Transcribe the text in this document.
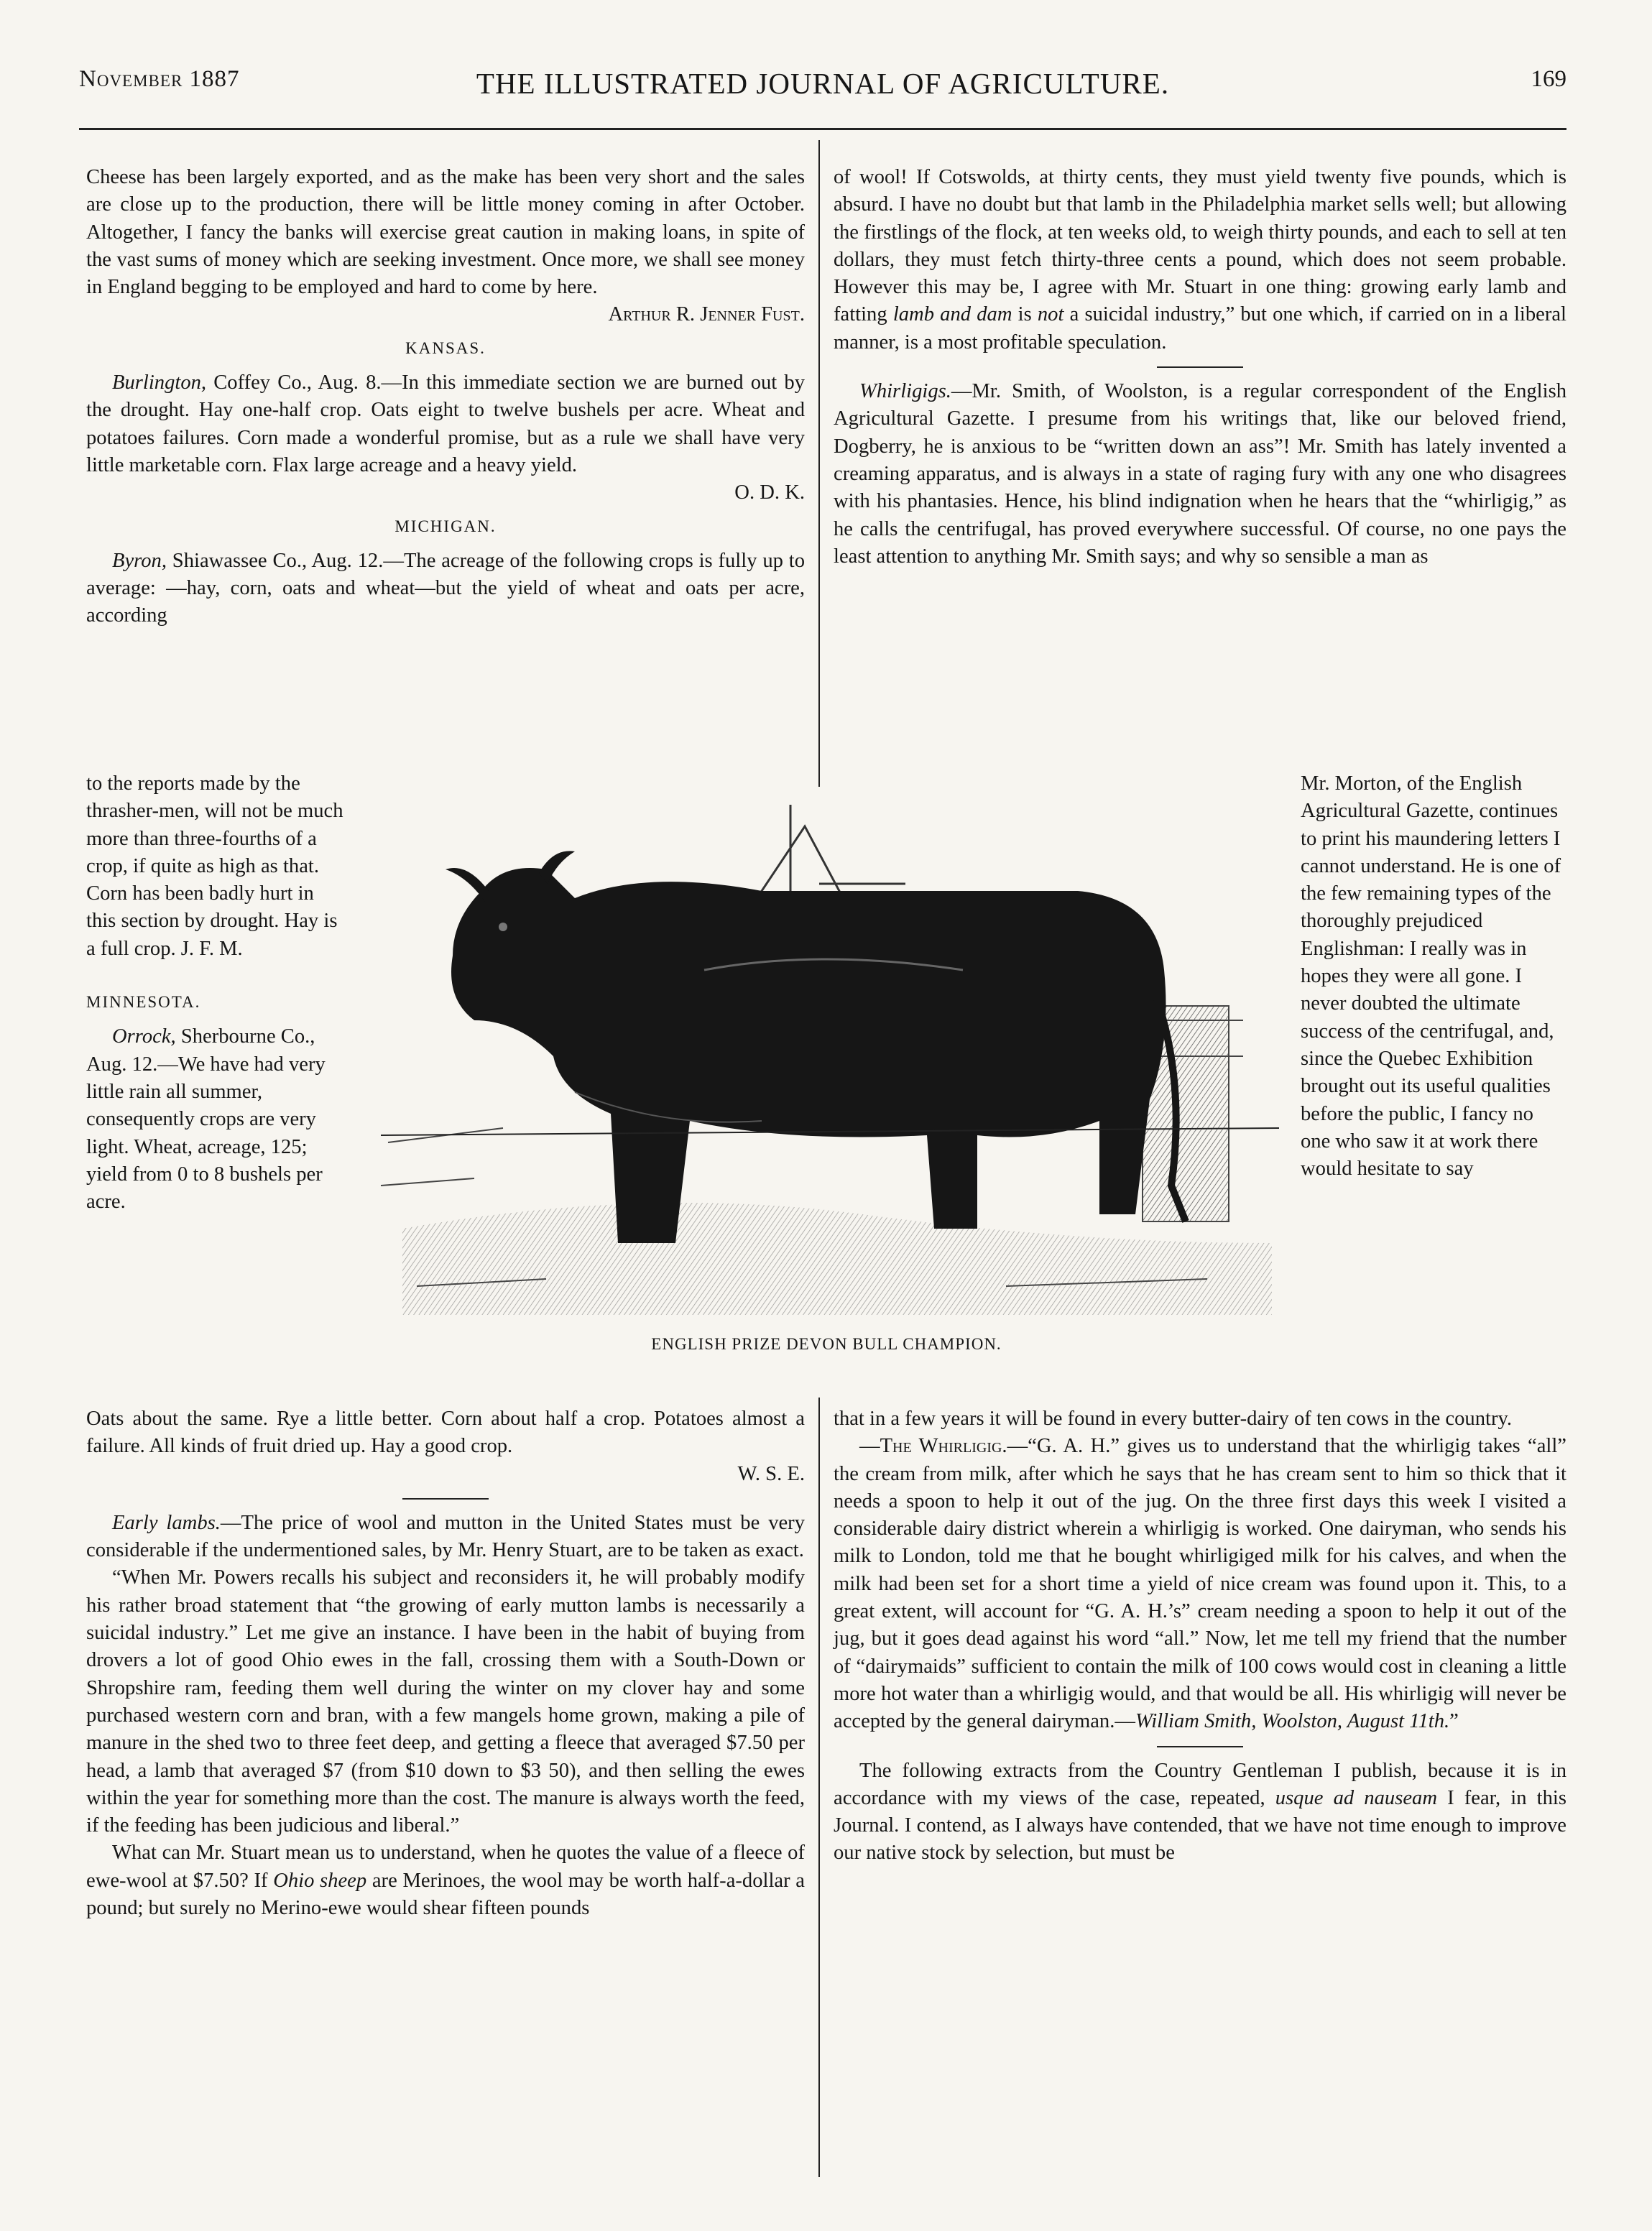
November 1887	THE ILLUSTRATED JOURNAL OF AGRICULTURE.	169

Cheese has been largely exported, and as the make has been very short and the sales are close up to the production, there will be little money coming in after October. Altogether, I fancy the banks will exercise great caution in making loans, in spite of the vast sums of money which are seeking investment. Once more, we shall see money in England begging to be employed and hard to come by here.

Arthur R. Jenner Fust.

KANSAS.

Burlington, Coffey Co., Aug. 8.—In this immediate section we are burned out by the drought. Hay one-half crop. Oats eight to twelve bushels per acre. Wheat and potatoes failures. Corn made a wonderful promise, but as a rule we shall have very little marketable corn. Flax large acreage and a heavy yield.

O. D. K.

MICHIGAN.

Byron, Shiawassee Co., Aug. 12.—The acreage of the following crops is fully up to average: —hay, corn, oats and wheat—but the yield of wheat and oats per acre, according

to the reports made by the thrasher-men, will not be much more than three-fourths of a crop, if quite as high as that. Corn has been badly hurt in this section by drought. Hay is a full crop. J. F. M.

MINNESOTA.

Orrock, Sherbourne Co., Aug. 12.—We have had very little rain all summer, consequently crops are very light. Wheat, acreage, 125; yield from 0 to 8 bushels per acre.

ENGLISH PRIZE DEVON BULL CHAMPION.

Oats about the same. Rye a little better. Corn about half a crop. Potatoes almost a failure. All kinds of fruit dried up. Hay a good crop.

W. S. E.

Early lambs.—The price of wool and mutton in the United States must be very considerable if the undermentioned sales, by Mr. Henry Stuart, are to be taken as exact.

“When Mr. Powers recalls his subject and reconsiders it, he will probably modify his rather broad statement that “the growing of early mutton lambs is necessarily a suicidal industry.” Let me give an instance. I have been in the habit of buying from drovers a lot of good Ohio ewes in the fall, crossing them with a South-Down or Shropshire ram, feeding them well during the winter on my clover hay and some purchased western corn and bran, with a few mangels home grown, making a pile of manure in the shed two to three feet deep, and getting a fleece that averaged $7.50 per head, a lamb that averaged $7 (from $10 down to $3 50), and then selling the ewes within the year for something more than the cost. The manure is always worth the feed, if the feeding has been judicious and liberal.”

What can Mr. Stuart mean us to understand, when he quotes the value of a fleece of ewe-wool at $7.50? If Ohio sheep are Merinoes, the wool may be worth half-a-dollar a pound; but surely no Merino-ewe would shear fifteen pounds

of wool! If Cotswolds, at thirty cents, they must yield twenty five pounds, which is absurd. I have no doubt but that lamb in the Philadelphia market sells well; but allowing the firstlings of the flock, at ten weeks old, to weigh thirty pounds, and each to sell at ten dollars, they must fetch thirty-three cents a pound, which does not seem probable. However this may be, I agree with Mr. Stuart in one thing: growing early lamb and fatting lamb and dam is not a suicidal industry,” but one which, if carried on in a liberal manner, is a most profitable speculation.

Whirligigs.—Mr. Smith, of Woolston, is a regular correspondent of the English Agricultural Gazette. I presume from his writings that, like our beloved friend, Dogberry, he is anxious to be “written down an ass”! Mr. Smith has lately invented a creaming apparatus, and is always in a state of raging fury with any one who disagrees with his phantasies. Hence, his blind indignation when he hears that the “whirligig,” as he calls the centrifugal, has proved everywhere successful. Of course, no one pays the least attention to anything Mr. Smith says; and why so sensible a man as

Mr. Morton, of the English Agricultural Gazette, continues to print his maundering letters I cannot understand. He is one of the few remaining types of the thoroughly prejudiced Englishman: I really was in hopes they were all gone. I never doubted the ultimate success of the centrifugal, and, since the Quebec Exhibition brought out its useful qualities before the public, I fancy no one who saw it at work there would hesitate to say

that in a few years it will be found in every butter-dairy of ten cows in the country.

—The Whirligig.—“G. A. H.” gives us to understand that the whirligig takes “all” the cream from milk, after which he says that he has cream sent to him so thick that it needs a spoon to help it out of the jug. On the three first days this week I visited a considerable dairy district wherein a whirligig is worked. One dairyman, who sends his milk to London, told me that he bought whirligiged milk for his calves, and when the milk had been set for a short time a yield of nice cream was found upon it. This, to a great extent, will account for “G. A. H.’s” cream needing a spoon to help it out of the jug, but it goes dead against his word “all.” Now, let me tell my friend that the number of “dairymaids” sufficient to contain the milk of 100 cows would cost in cleaning a little more hot water than a whirligig would, and that would be all. His whirligig will never be accepted by the general dairyman.—William Smith, Woolston, August 11th.”

The following extracts from the Country Gentleman I publish, because it is in accordance with my views of the case, repeated, usque ad nauseam I fear, in this Journal. I contend, as I always have contended, that we have not time enough to improve our native stock by selection, but must be
